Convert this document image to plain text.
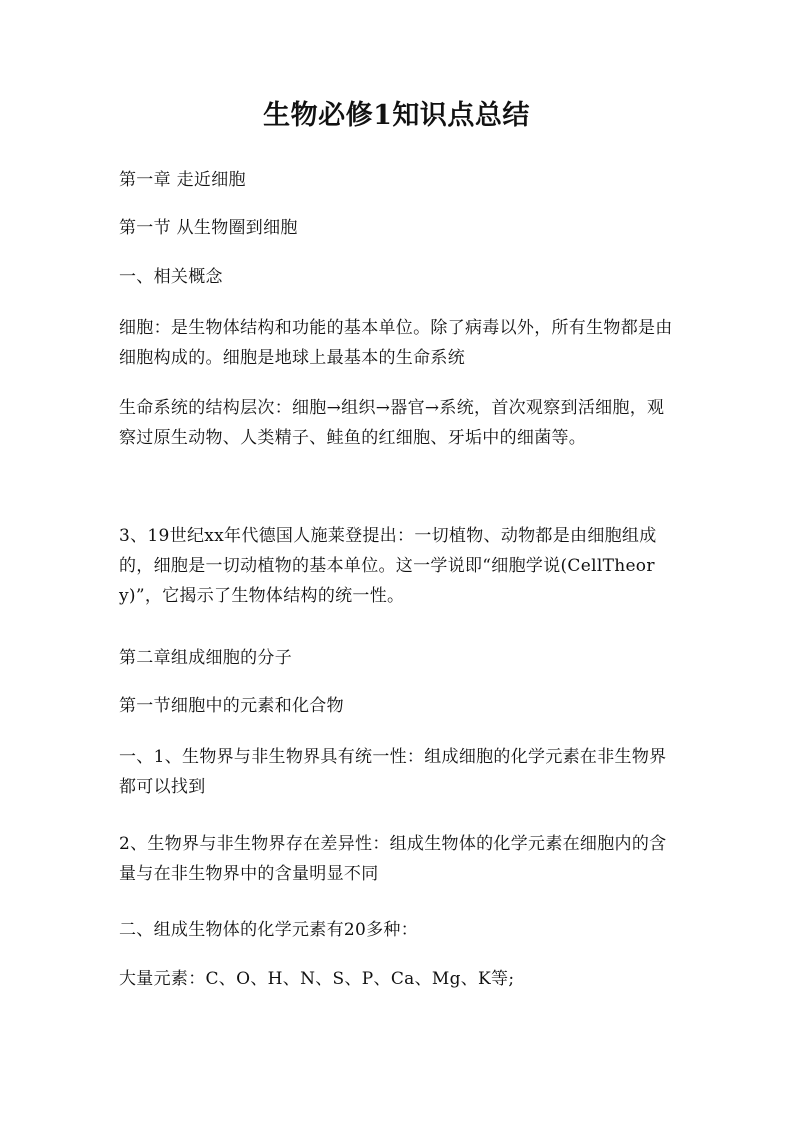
生物必修1知识点总结

第一章 走近细胞

第一节 从生物圈到细胞

一、相关概念

细胞：是生物体结构和功能的基本单位。除了病毒以外，所有生物都是由细胞构成的。细胞是地球上最基本的生命系统

生命系统的结构层次：细胞→组织→器官→系统，首次观察到活细胞，观察过原生动物、人类精子、鲑鱼的红细胞、牙垢中的细菌等。

3、19世纪xx年代德国人施莱登提出：一切植物、动物都是由细胞组成的，细胞是一切动植物的基本单位。这一学说即“细胞学说(CellTheory)”，它揭示了生物体结构的统一性。

第二章组成细胞的分子

第一节细胞中的元素和化合物

一、1、生物界与非生物界具有统一性：组成细胞的化学元素在非生物界都可以找到

2、生物界与非生物界存在差异性：组成生物体的化学元素在细胞内的含量与在非生物界中的含量明显不同

二、组成生物体的化学元素有20多种：

大量元素：C、O、H、N、S、P、Ca、Mg、K等;
